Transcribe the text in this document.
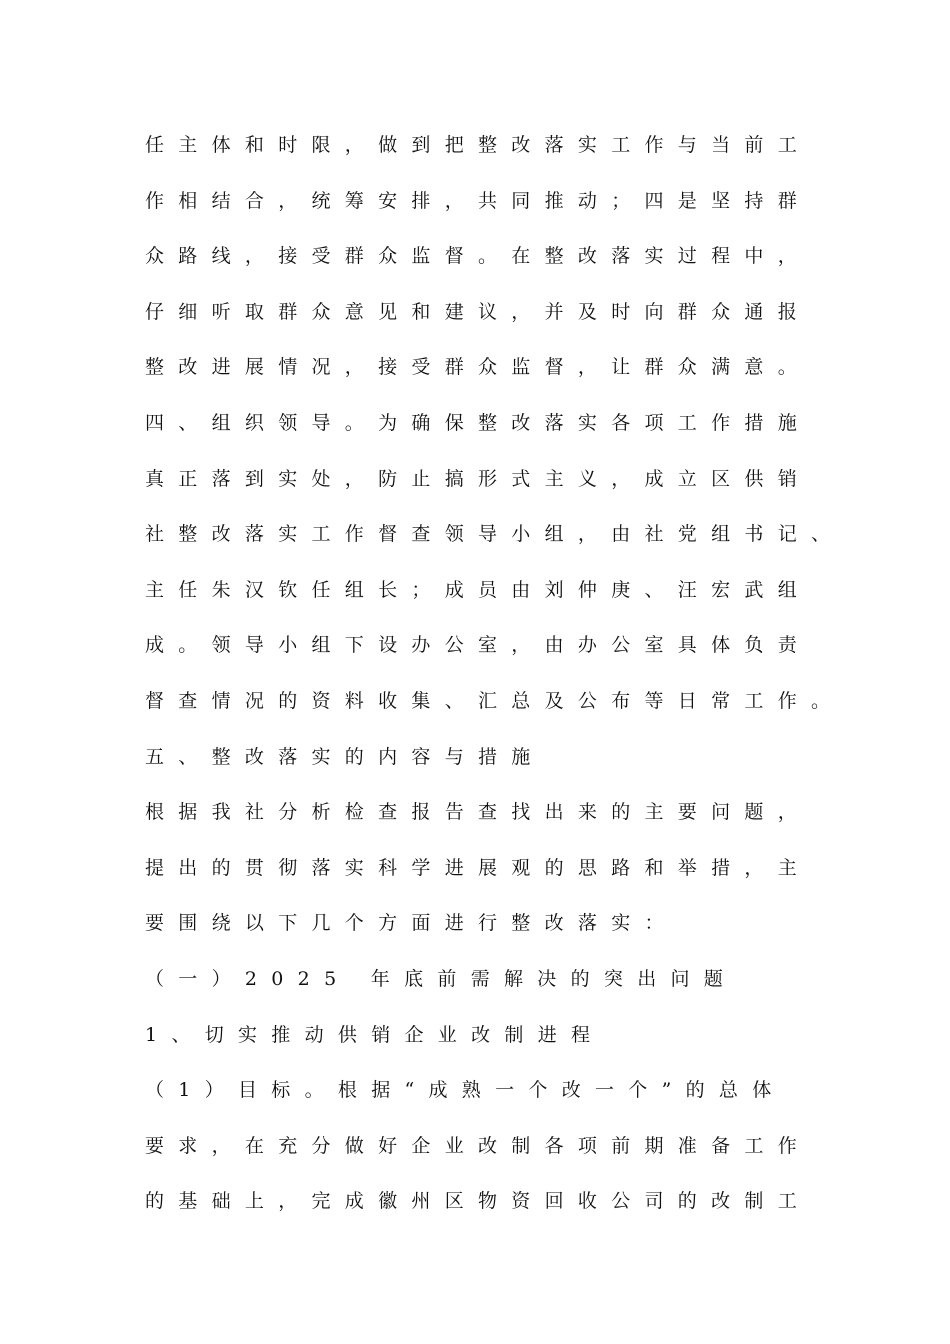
任主体和时限，做到把整改落实工作与当前工
作相结合，统筹安排，共同推动；四是坚持群
众路线，接受群众监督。在整改落实过程中，
仔细听取群众意见和建议，并及时向群众通报
整改进展情况，接受群众监督，让群众满意。
四、组织领导。为确保整改落实各项工作措施
真正落到实处，防止搞形式主义，成立区供销
社整改落实工作督查领导小组，由社党组书记、
主任朱汉钦任组长；成员由刘仲庚、汪宏武组
成。领导小组下设办公室，由办公室具体负责
督查情况的资料收集、汇总及公布等日常工作。
五、整改落实的内容与措施
根据我社分析检查报告查找出来的主要问题，
提出的贯彻落实科学进展观的思路和举措，主
要围绕以下几个方面进行整改落实：
（一）2025 年底前需解决的突出问题
1、切实推动供销企业改制进程
（1）目标。根据“成熟一个改一个”的总体
要求，在充分做好企业改制各项前期准备工作
的基础上，完成徽州区物资回收公司的改制工
